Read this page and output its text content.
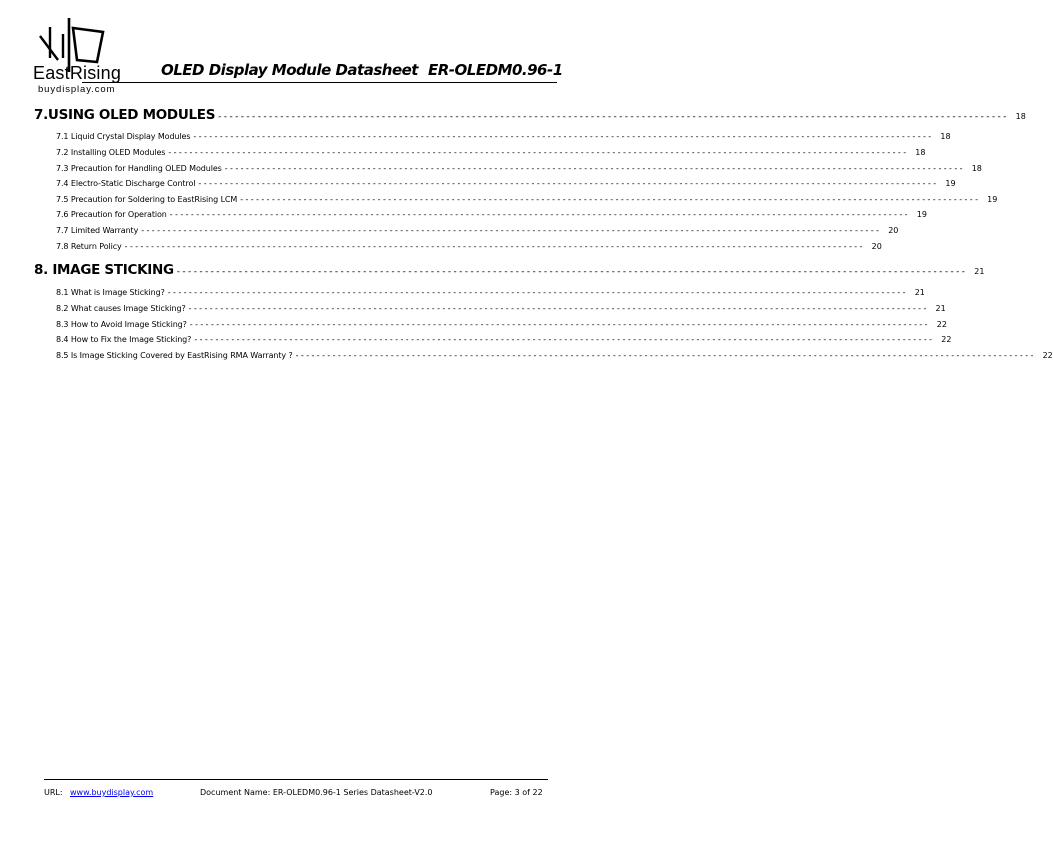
EastRising
buydisplay.com
OLED Display Module Datasheet ER-OLEDM0.96-1
7.USING OLED MODULES -------------------------------------------------------------------------------------------------------------------------------------------- 18
7.1 Liquid Crystal Display Modules -------------------------------------------------------------------------------------------------------------------------------------------- 18
7.2 Installing OLED Modules -------------------------------------------------------------------------------------------------------------------------------------------- 18
7.3 Precaution for Handling OLED Modules -------------------------------------------------------------------------------------------------------------------------------------------- 18
7.4 Electro-Static Discharge Control -------------------------------------------------------------------------------------------------------------------------------------------- 19
7.5 Precaution for Soldering to EastRising LCM -------------------------------------------------------------------------------------------------------------------------------------------- 19
7.6 Precaution for Operation -------------------------------------------------------------------------------------------------------------------------------------------- 19
7.7 Limited Warranty -------------------------------------------------------------------------------------------------------------------------------------------- 20
7.8 Return Policy -------------------------------------------------------------------------------------------------------------------------------------------- 20
8. IMAGE STICKING -------------------------------------------------------------------------------------------------------------------------------------------- 21
8.1 What is Image Sticking? -------------------------------------------------------------------------------------------------------------------------------------------- 21
8.2 What causes Image Sticking? -------------------------------------------------------------------------------------------------------------------------------------------- 21
8.3 How to Avoid Image Sticking? -------------------------------------------------------------------------------------------------------------------------------------------- 22
8.4 How to Fix the Image Sticking? -------------------------------------------------------------------------------------------------------------------------------------------- 22
8.5 Is Image Sticking Covered by EastRising RMA Warranty ? -------------------------------------------------------------------------------------------------------------------------------------------- 22
URL: www.buydisplay.com	Document Name: ER-OLEDM0.96-1 Series Datasheet-V2.0	Page: 3 of 22
